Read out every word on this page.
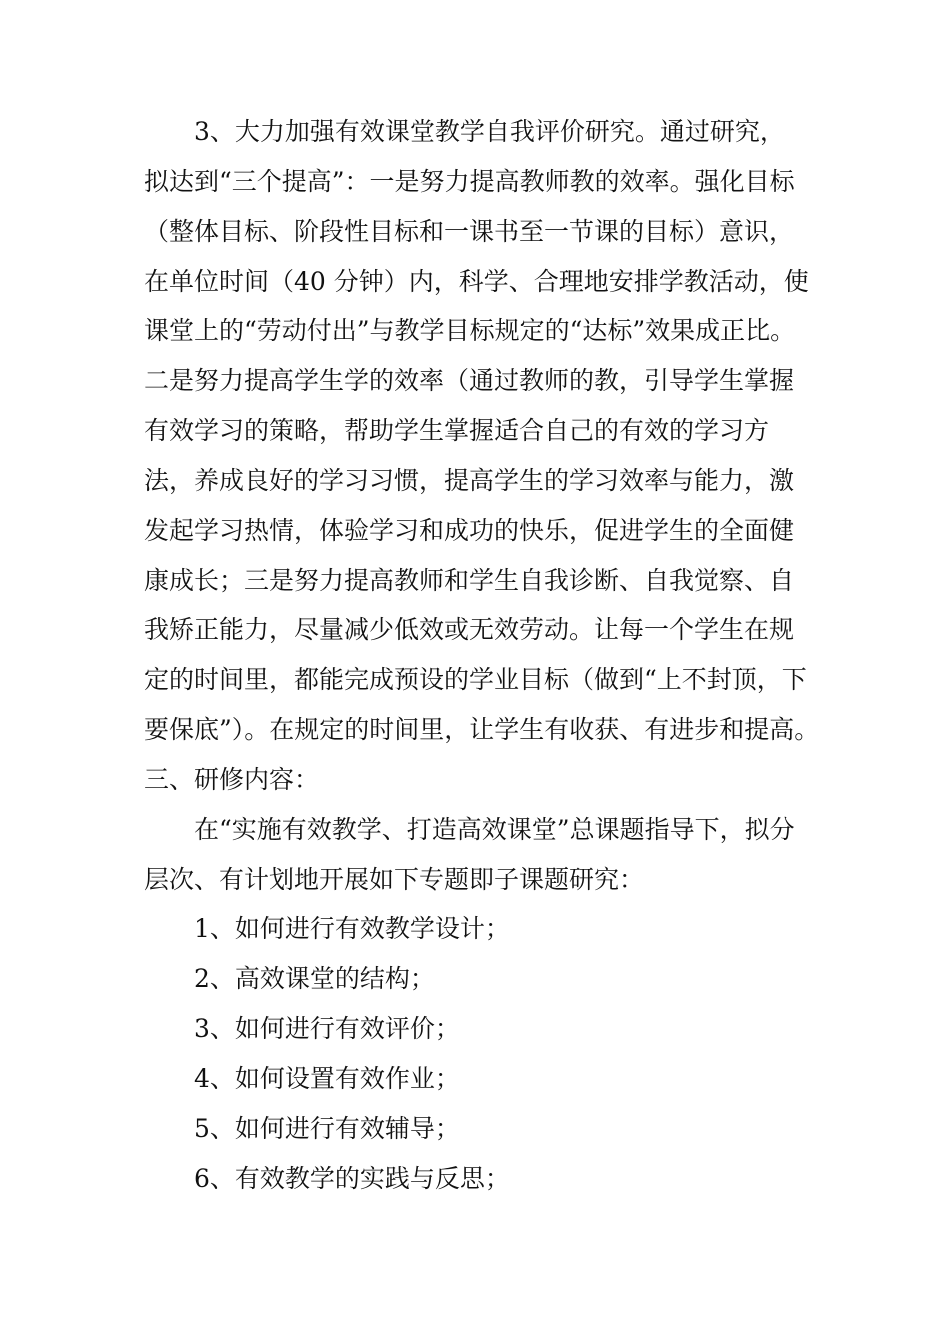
3、大力加强有效课堂教学自我评价研究。通过研究，
拟达到“三个提高”：一是努力提高教师教的效率。强化目标
（整体目标、阶段性目标和一课书至一节课的目标）意识，
在单位时间（40 分钟）内，科学、合理地安排学教活动，使
课堂上的“劳动付出”与教学目标规定的“达标”效果成正比。
二是努力提高学生学的效率（通过教师的教，引导学生掌握
有效学习的策略，帮助学生掌握适合自己的有效的学习方
法，养成良好的学习习惯，提高学生的学习效率与能力，激
发起学习热情，体验学习和成功的快乐，促进学生的全面健
康成长；三是努力提高教师和学生自我诊断、自我觉察、自
我矫正能力，尽量减少低效或无效劳动。让每一个学生在规
定的时间里，都能完成预设的学业目标（做到“上不封顶，下
要保底”）。在规定的时间里，让学生有收获、有进步和提高。
三、研修内容：
在“实施有效教学、打造高效课堂”总课题指导下，拟分
层次、有计划地开展如下专题即子课题研究：
1、如何进行有效教学设计；
2、高效课堂的结构；
3、如何进行有效评价；
4、如何设置有效作业；
5、如何进行有效辅导；
6、有效教学的实践与反思；
